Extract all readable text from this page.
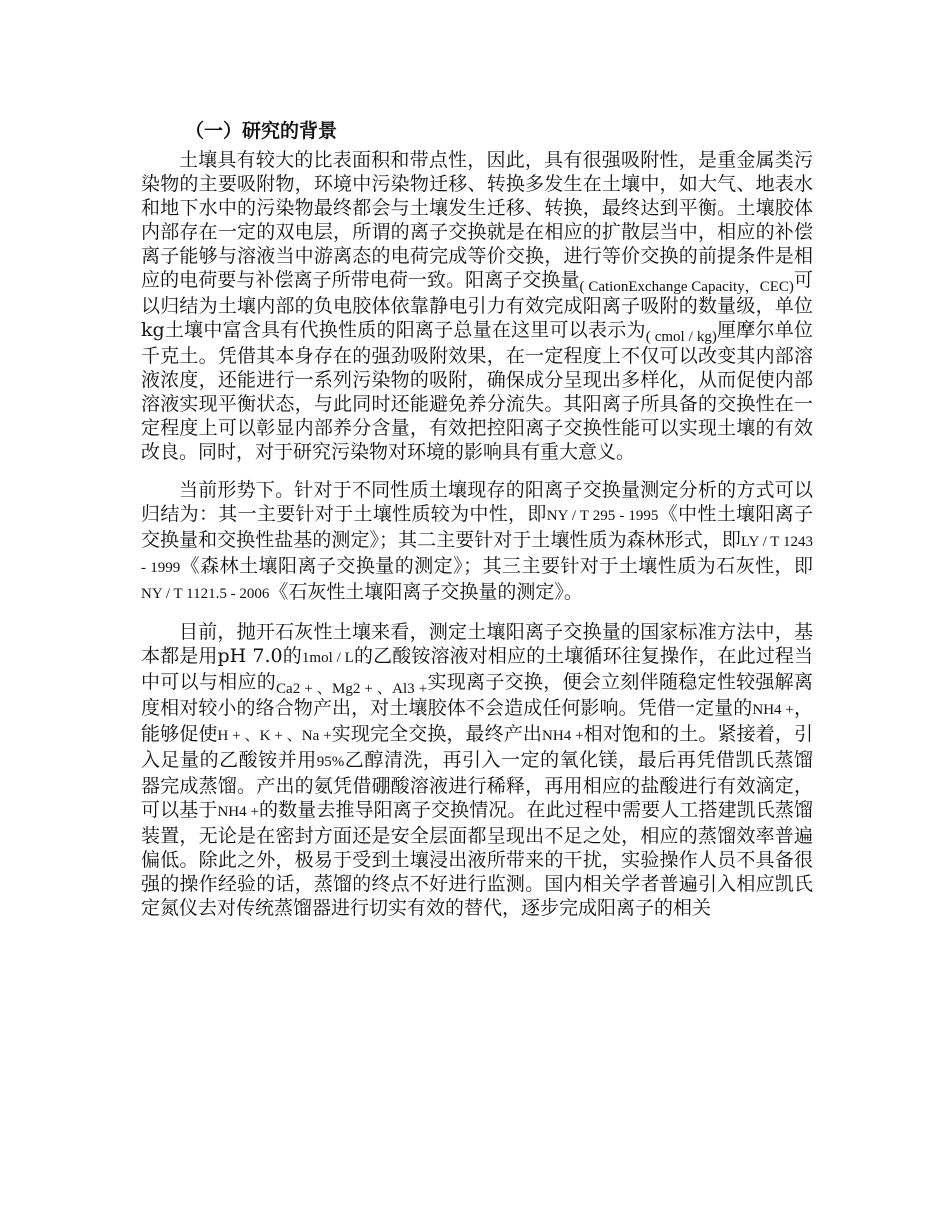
（一）研究的背景

土壤具有较大的比表面积和带点性，因此，具有很强吸附性，是重金属类污染物的主要吸附物，环境中污染物迁移、转换多发生在土壤中，如大气、地表水和地下水中的污染物最终都会与土壤发生迁移、转换，最终达到平衡。土壤胶体内部存在一定的双电层，所谓的离子交换就是在相应的扩散层当中，相应的补偿离子能够与溶液当中游离态的电荷完成等价交换，进行等价交换的前提条件是相应的电荷要与补偿离子所带电荷一致。阳离子交换量$_{( CationExchange Capacity,CEC)}$可以归结为土壤内部的负电胶体依靠静电引力有效完成阳离子吸附的数量级，单位kg土壤中富含具有代换性质的阳离子总量在这里可以表示为$_{( cmol / kg)}$厘摩尔单位千克土。凭借其本身存在的强劲吸附效果，在一定程度上不仅可以改变其内部溶液浓度，还能进行一系列污染物的吸附，确保成分呈现出多样化，从而促使内部溶液实现平衡状态，与此同时还能避免养分流失。其阳离子所具备的交换性在一定程度上可以彰显内部养分含量，有效把控阳离子交换性能可以实现土壤的有效改良。同时，对于研究污染物对环境的影响具有重大意义。

当前形势下。针对于不同性质土壤现存的阳离子交换量测定分析的方式可以归结为：其一主要针对于土壤性质较为中性，即NY / T 295 - 1995《中性土壤阳离子交换量和交换性盐基的测定》；其二主要针对于土壤性质为森林形式，即LY / T 1243 - 1999《森林土壤阳离子交换量的测定》；其三主要针对于土壤性质为石灰性，即NY / T 1121.5 - 2006《石灰性土壤阳离子交换量的测定》。

目前，抛开石灰性土壤来看，测定土壤阳离子交换量的国家标准方法中，基本都是用pH 7.0的1mol / L的乙酸铵溶液对相应的土壤循环往复操作，在此过程当中可以与相应的$_{Ca2 + 、Mg2 + 、Al3 +}$实现离子交换，便会立刻伴随稳定性较强解离度相对较小的络合物产出，对土壤胶体不会造成任何影响。凭借一定量的NH4 +，能够促使H + 、K + 、Na +实现完全交换，最终产出NH4 +相对饱和的土。紧接着，引入足量的乙酸铵并用95%乙醇清洗，再引入一定的氧化镁，最后再凭借凯氏蒸馏器完成蒸馏。产出的氨凭借硼酸溶液进行稀释，再用相应的盐酸进行有效滴定，可以基于NH4 +的数量去推导阳离子交换情况。在此过程中需要人工搭建凯氏蒸馏装置，无论是在密封方面还是安全层面都呈现出不足之处，相应的蒸馏效率普遍偏低。除此之外，极易于受到土壤浸出液所带来的干扰，实验操作人员不具备很强的操作经验的话，蒸馏的终点不好进行监测。国内相关学者普遍引入相应凯氏定氮仪去对传统蒸馏器进行切实有效的替代，逐步完成阳离子的相关
